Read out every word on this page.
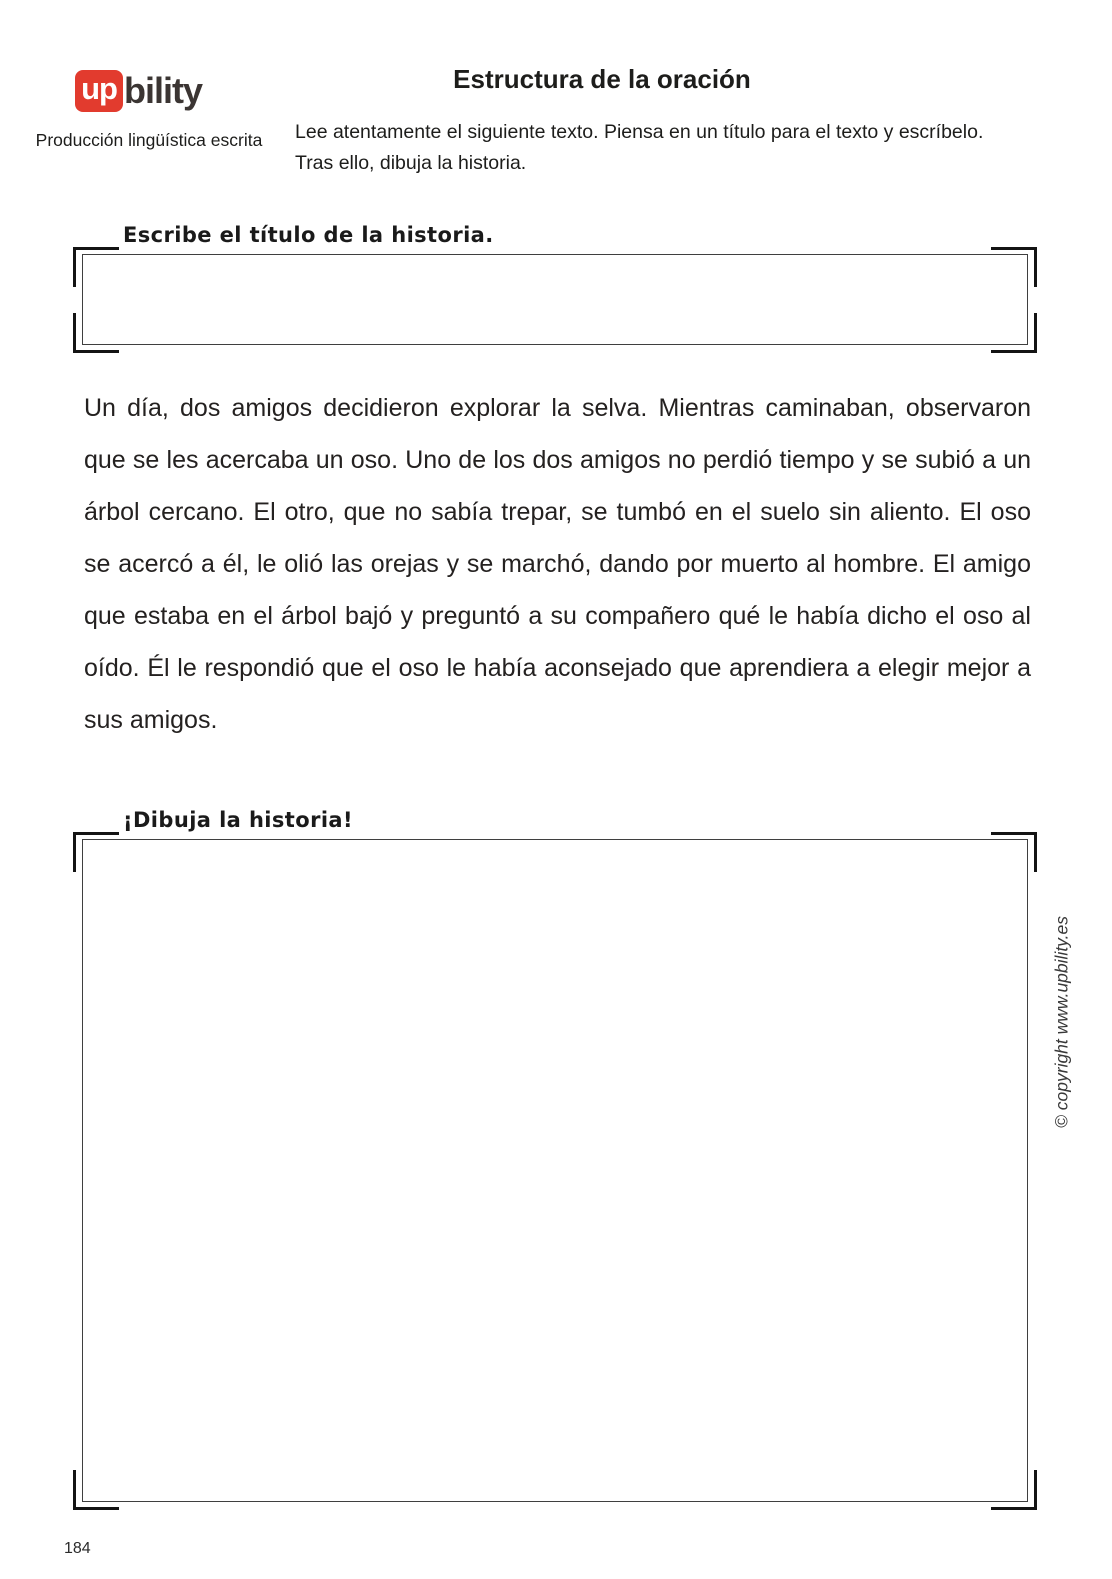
up bility
Producción lingüística escrita
Estructura de la oración
Lee atentamente el siguiente texto. Piensa en un título para el texto y escríbelo.
Tras ello, dibuja la historia.
Escribe el título de la historia.
Un día, dos amigos decidieron explorar la selva. Mientras caminaban, observaron que se les acercaba un oso. Uno de los dos amigos no perdió tiempo y se subió a un árbol cercano. El otro, que no sabía trepar, se tumbó en el suelo sin aliento. El oso se acercó a él, le olió las orejas y se marchó, dando por muerto al hombre. El amigo que estaba en el árbol bajó y preguntó a su compañero qué le había dicho el oso al oído. Él le respondió que el oso le había aconsejado que aprendiera a elegir mejor a sus amigos.
¡Dibuja la historia!
© copyright www.upbility.es
184
